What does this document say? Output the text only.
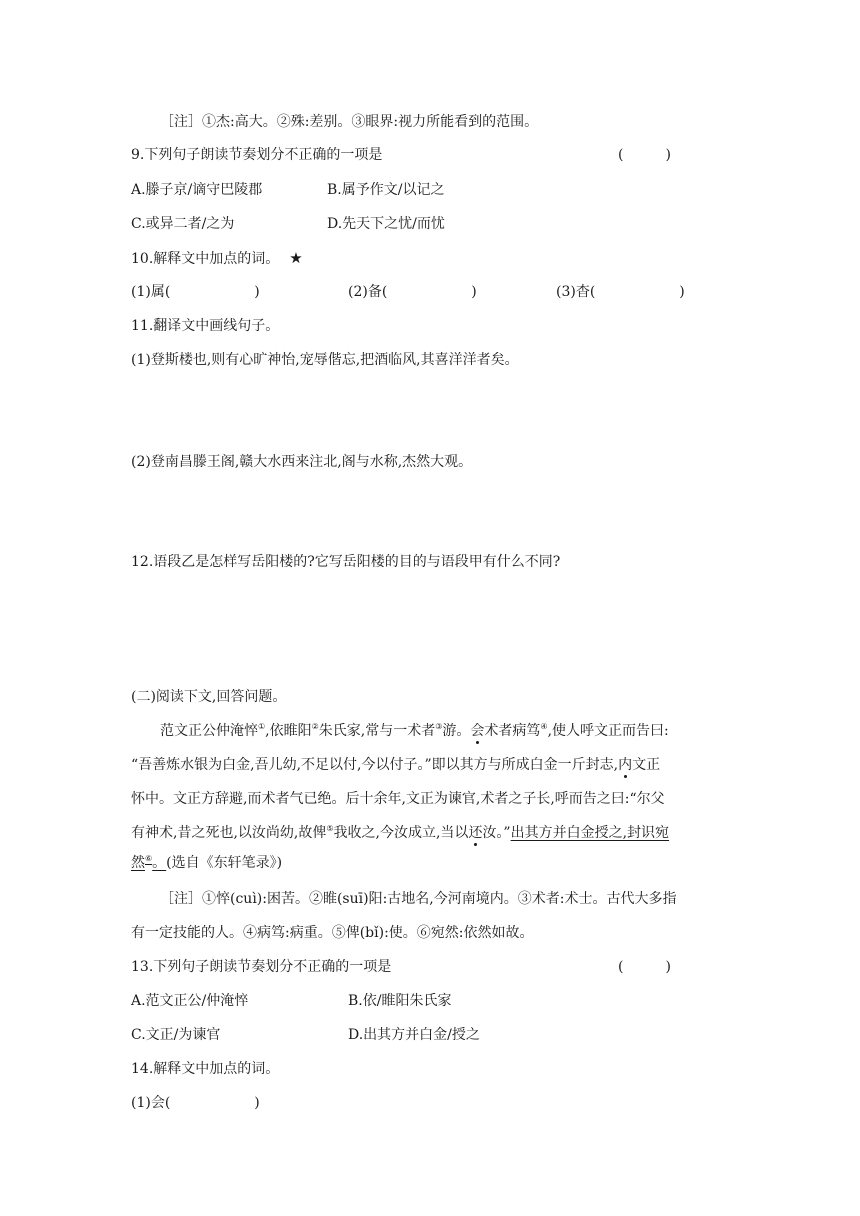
［注］①杰:高大。②殊:差别。③眼界:视力所能看到的范围。
9.下列句子朗读节奏划分不正确的一项是	(　　　)
A.滕子京/谪守巴陵郡	B.属予作文/以记之
C.或异二者/之为	D.先天下之忧/而忧
10.解释文中加点的词。 ★
(1)属(　　　　　　)	(2)备(　　　　　　)	(3)杳(　　　　　　)
11.翻译文中画线句子。
(1)登斯楼也,则有心旷神怡,宠辱偕忘,把酒临风,其喜洋洋者矣。
(2)登南昌滕王阁,赣大水西来注北,阁与水称,杰然大观。
12.语段乙是怎样写岳阳楼的?它写岳阳楼的目的与语段甲有什么不同?
(二)阅读下文,回答问题。
范文正公仲淹悴①,依睢阳②朱氏家,常与一术者③游。会术者病笃④,使人呼文正而告曰:
“吾善炼水银为白金,吾儿幼,不足以付,今以付子。”即以其方与所成白金一斤封志,内文正
怀中。文正方辞避,而术者气已绝。后十余年,文正为谏官,术者之子长,呼而告之曰:“尔父
有神术,昔之死也,以汝尚幼,故俾⑤我收之,今汝成立,当以还汝。”出其方并白金授之,封识宛
然⑥。(选自《东轩笔录》)
［注］①悴(cuì):困苦。②睢(suī)阳:古地名,今河南境内。③术者:术士。古代大多指
有一定技能的人。④病笃:病重。⑤俾(bǐ):使。⑥宛然:依然如故。
13.下列句子朗读节奏划分不正确的一项是	(　　　)
A.范文正公/仲淹悴	B.依/睢阳朱氏家
C.文正/为谏官	D.出其方并白金/授之
14.解释文中加点的词。
(1)会(　　　　　　)
